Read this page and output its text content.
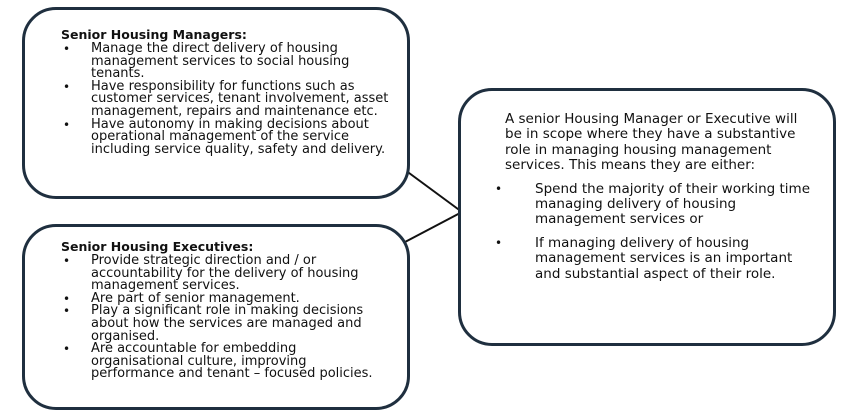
Senior Housing Managers:
• Manage the direct delivery of housing management services to social housing tenants.
• Have responsibility for functions such as customer services, tenant involvement, asset management, repairs and maintenance etc.
• Have autonomy in making decisions about operational management of the service including service quality, safety and delivery.
Senior Housing Executives:
• Provide strategic direction and / or accountability for the delivery of housing management services.
• Are part of senior management.
• Play a significant role in making decisions about how the services are managed and organised.
• Are accountable for embedding organisational culture, improving performance and tenant – focused policies.
A senior Housing Manager or Executive will be in scope where they have a substantive role in managing housing management services. This means they are either:
• Spend the majority of their working time managing delivery of housing management services or
• If managing delivery of housing management services is an important and substantial aspect of their role.
